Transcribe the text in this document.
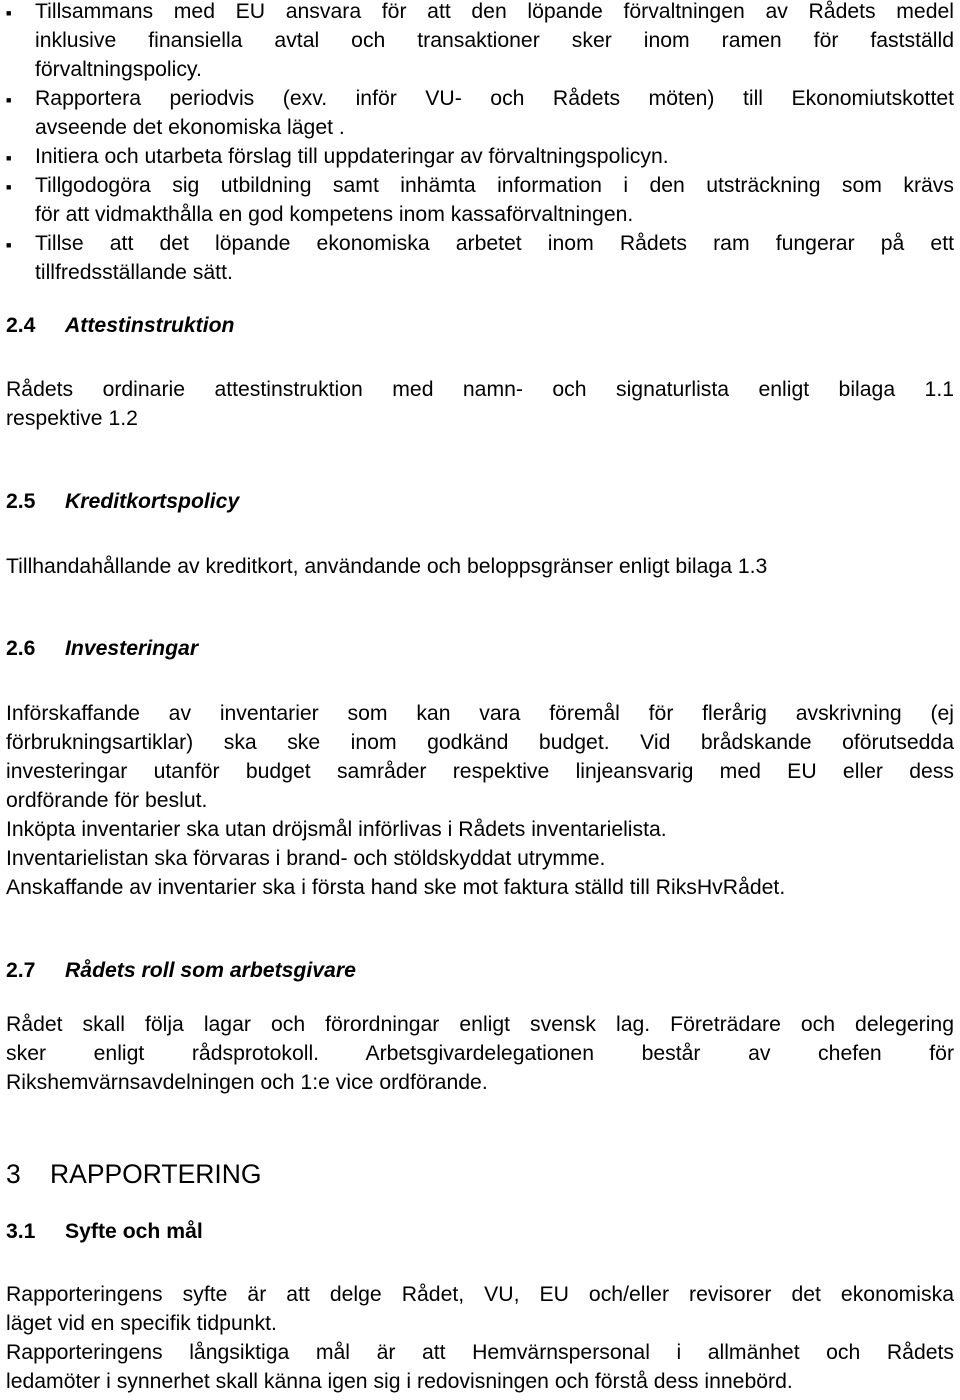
■ Tillsammans med EU ansvara för att den löpande förvaltningen av Rådets medel
inklusive finansiella avtal och transaktioner sker inom ramen för fastställd
förvaltningspolicy.
■ Rapportera periodvis (exv. inför VU- och Rådets möten) till Ekonomiutskottet
avseende det ekonomiska läget .
■ Initiera och utarbeta förslag till uppdateringar av förvaltningspolicyn.
■ Tillgodogöra sig utbildning samt inhämta information i den utsträckning som krävs
för att vidmakthålla en god kompetens inom kassaförvaltningen.
■ Tillse att det löpande ekonomiska arbetet inom Rådets ram fungerar på ett
tillfredsställande sätt.
2.4 Attestinstruktion
Rådets ordinarie attestinstruktion med namn- och signaturlista enligt bilaga 1.1
respektive 1.2
2.5 Kreditkortspolicy
Tillhandahållande av kreditkort, användande och beloppsgränser enligt bilaga 1.3
2.6 Investeringar
Införskaffande av inventarier som kan vara föremål för flerårig avskrivning (ej
förbrukningsartiklar) ska ske inom godkänd budget. Vid brådskande oförutsedda
investeringar utanför budget samråder respektive linjeansvarig med EU eller dess
ordförande för beslut.
Inköpta inventarier ska utan dröjsmål införlivas i Rådets inventarielista.
Inventarielistan ska förvaras i brand- och stöldskyddat utrymme.
Anskaffande av inventarier ska i första hand ske mot faktura ställd till RiksHvRådet.
2.7 Rådets roll som arbetsgivare
Rådet skall följa lagar och förordningar enligt svensk lag. Företrädare och delegering
sker enligt rådsprotokoll. Arbetsgivardelegationen består av chefen för
Rikshemvärnsavdelningen och 1:e vice ordförande.
3 RAPPORTERING
3.1 Syfte och mål
Rapporteringens syfte är att delge Rådet, VU, EU och/eller revisorer det ekonomiska
läget vid en specifik tidpunkt.
Rapporteringens långsiktiga mål är att Hemvärnspersonal i allmänhet och Rådets
ledamöter i synnerhet skall känna igen sig i redovisningen och förstå dess innebörd.
